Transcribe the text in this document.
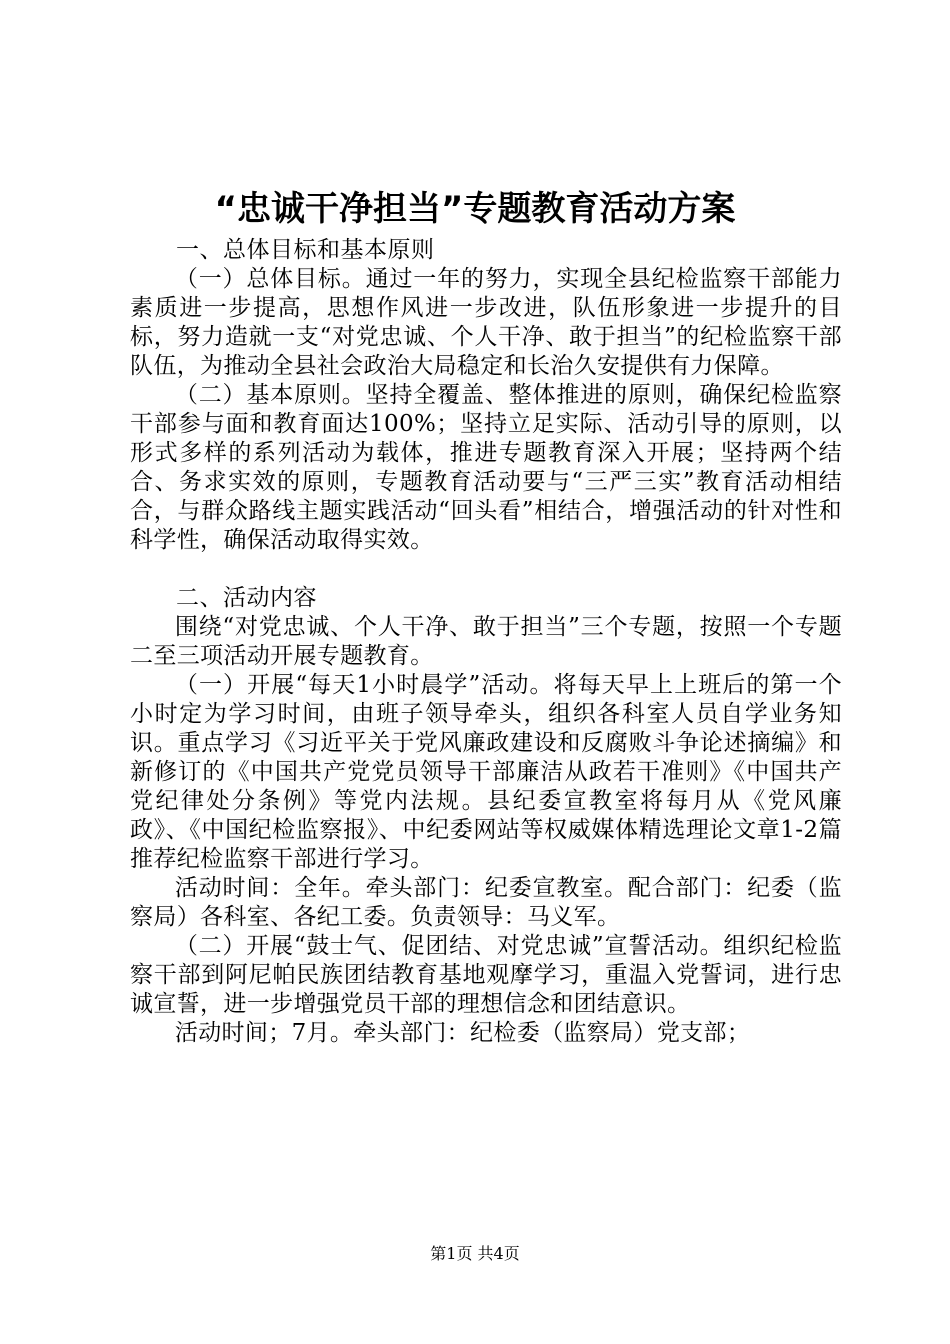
“忠诚干净担当”专题教育活动方案

一、总体目标和基本原则

（一）总体目标。通过一年的努力，实现全县纪检监察干部能力素质进一步提高，思想作风进一步改进，队伍形象进一步提升的目标，努力造就一支“对党忠诚、个人干净、敢于担当”的纪检监察干部队伍，为推动全县社会政治大局稳定和长治久安提供有力保障。

（二）基本原则。坚持全覆盖、整体推进的原则，确保纪检监察干部参与面和教育面达100%；坚持立足实际、活动引导的原则，以形式多样的系列活动为载体，推进专题教育深入开展；坚持两个结合、务求实效的原则，专题教育活动要与“三严三实”教育活动相结合，与群众路线主题实践活动“回头看”相结合，增强活动的针对性和科学性，确保活动取得实效。

二、活动内容

围绕“对党忠诚、个人干净、敢于担当”三个专题，按照一个专题二至三项活动开展专题教育。

（一）开展“每天1小时晨学”活动。将每天早上上班后的第一个小时定为学习时间，由班子领导牵头，组织各科室人员自学业务知识。重点学习《习近平关于党风廉政建设和反腐败斗争论述摘编》和新修订的《中国共产党党员领导干部廉洁从政若干准则》《中国共产党纪律处分条例》等党内法规。县纪委宣教室将每月从《党风廉政》、《中国纪检监察报》、中纪委网站等权威媒体精选理论文章1-2篇推荐纪检监察干部进行学习。

活动时间：全年。牵头部门：纪委宣教室。配合部门：纪委（监察局）各科室、各纪工委。负责领导：马义军。

（二）开展“鼓士气、促团结、对党忠诚”宣誓活动。组织纪检监察干部到阿尼帕民族团结教育基地观摩学习，重温入党誓词，进行忠诚宣誓，进一步增强党员干部的理想信念和团结意识。

活动时间；7月。牵头部门：纪检委（监察局）党支部；

第1页 共4页
